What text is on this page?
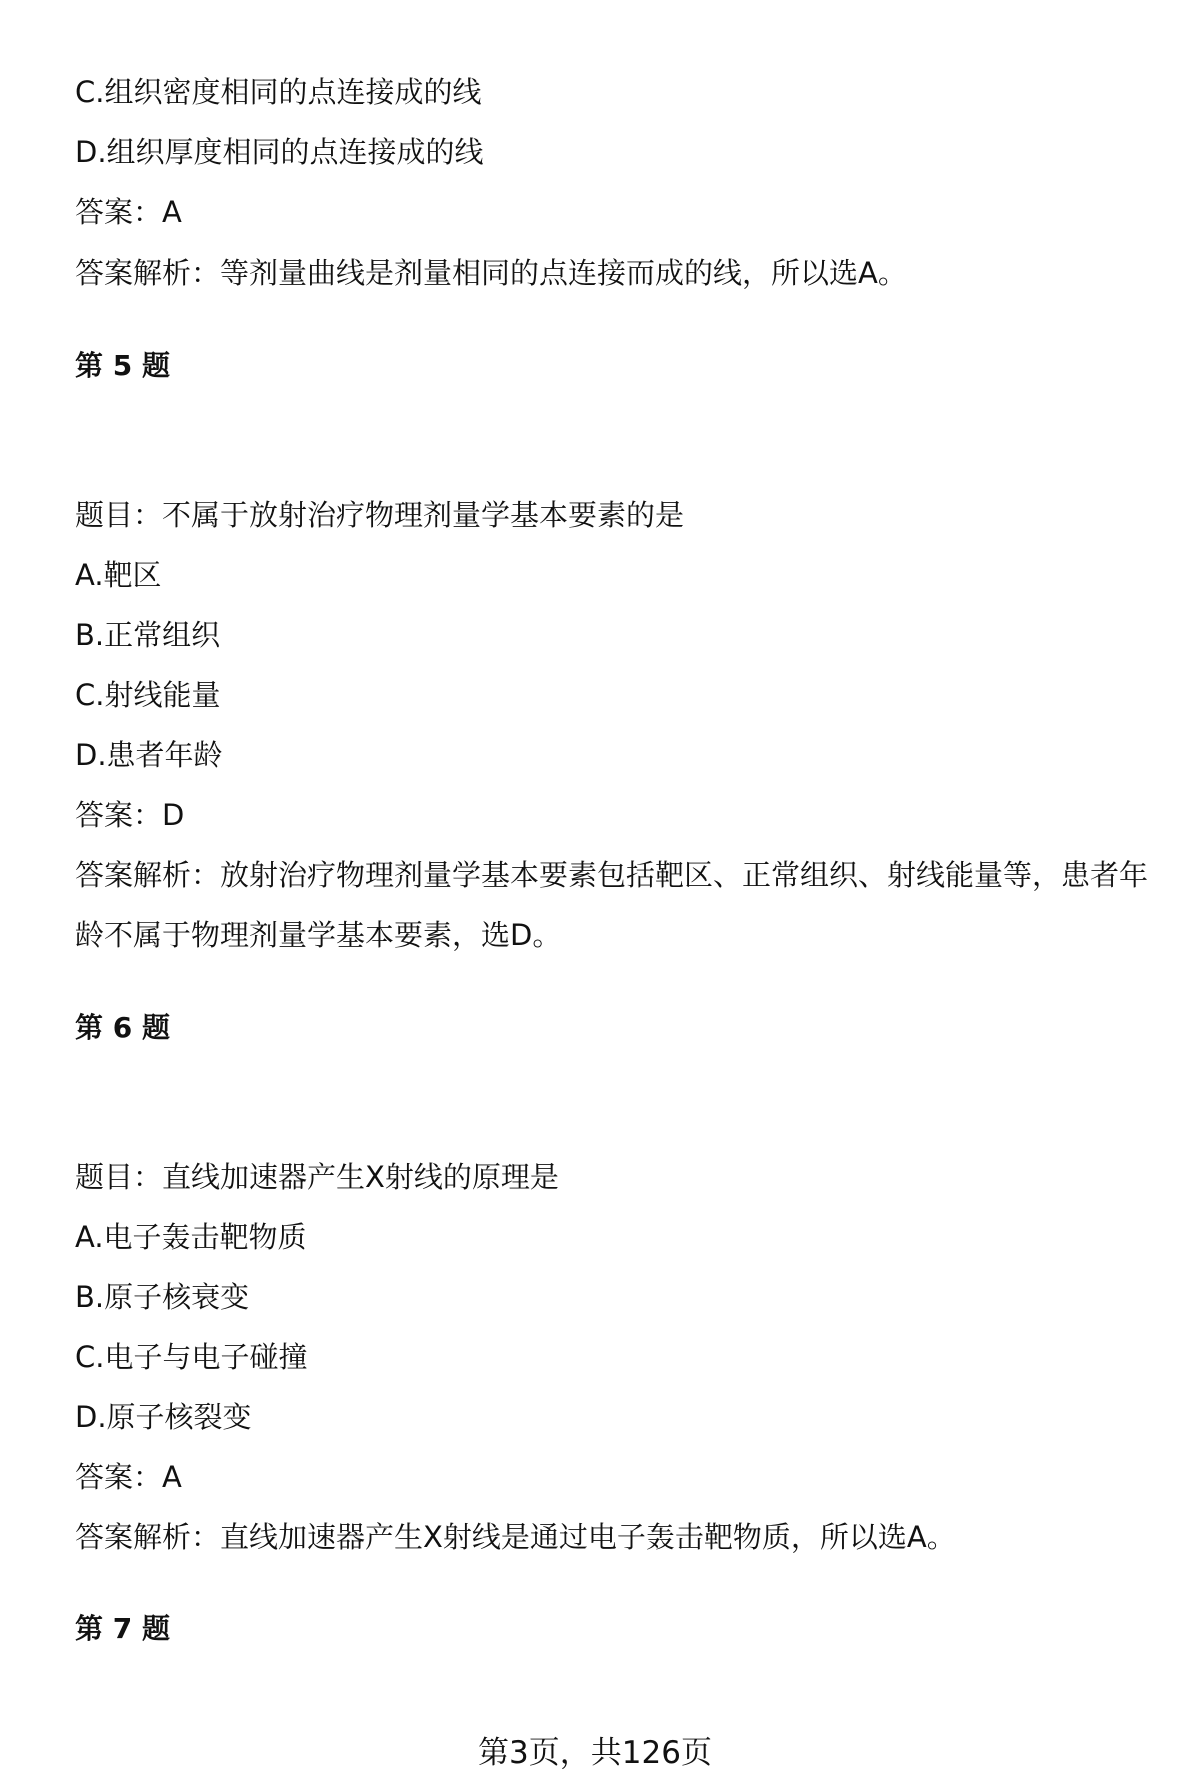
C.组织密度相同的点连接成的线

D.组织厚度相同的点连接成的线

答案：A

答案解析：等剂量曲线是剂量相同的点连接而成的线，所以选A。

第 5 题

题目：不属于放射治疗物理剂量学基本要素的是

A.靶区

B.正常组织

C.射线能量

D.患者年龄

答案：D

答案解析：放射治疗物理剂量学基本要素包括靶区、正常组织、射线能量等，患者年龄不属于物理剂量学基本要素，选D。

第 6 题

题目：直线加速器产生X射线的原理是

A.电子轰击靶物质

B.原子核衰变

C.电子与电子碰撞

D.原子核裂变

答案：A

答案解析：直线加速器产生X射线是通过电子轰击靶物质，所以选A。

第 7 题

第3页，共126页
